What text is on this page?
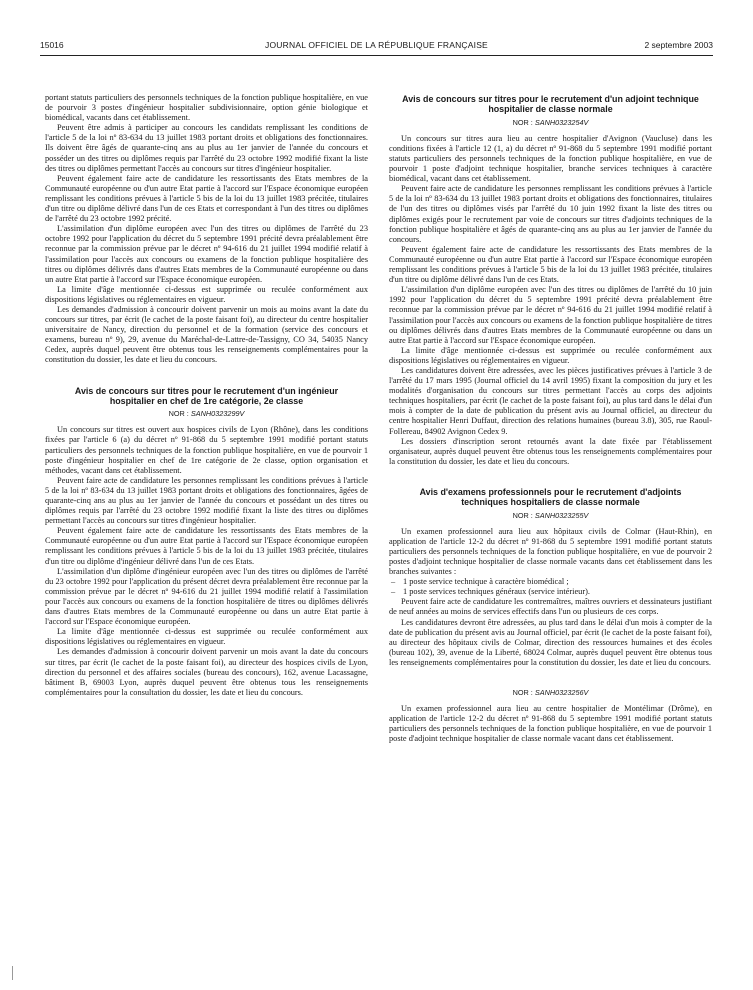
15016	JOURNAL OFFICIEL DE LA RÉPUBLIQUE FRANÇAISE	2 septembre 2003

portant statuts particuliers des personnels techniques de la fonction publique hospitalière, en vue de pourvoir 3 postes d'ingénieur hospitalier subdivisionnaire, option génie biologique et biomédical, vacants dans cet établissement.

Peuvent être admis à participer au concours les candidats remplissant les conditions de l'article 5 de la loi nº 83-634 du 13 juillet 1983 portant droits et obligations des fonctionnaires. Ils doivent être âgés de quarante-cinq ans au plus au 1er janvier de l'année du concours et posséder un des titres ou diplômes requis par l'arrêté du 23 octobre 1992 modifié fixant la liste des titres ou diplômes permettant l'accès au concours sur titres d'ingénieur hospitalier.

Peuvent également faire acte de candidature les ressortissants des Etats membres de la Communauté européenne ou d'un autre Etat partie à l'accord sur l'Espace économique européen remplissant les conditions prévues à l'article 5 bis de la loi du 13 juillet 1983 précitée, titulaires d'un titre ou diplôme délivré dans l'un de ces Etats et correspondant à l'un des titres ou diplômes de l'arrêté du 23 octobre 1992 précité.

L'assimilation d'un diplôme européen avec l'un des titres ou diplômes de l'arrêté du 23 octobre 1992 pour l'application du décret du 5 septembre 1991 précité devra préalablement être reconnue par la commission prévue par le décret nº 94-616 du 21 juillet 1994 modifié relatif à l'assimilation pour l'accès aux concours ou examens de la fonction publique hospitalière des titres ou diplômes délivrés dans d'autres Etats membres de la Communauté européenne ou dans un autre Etat partie à l'accord sur l'Espace économique européen.

La limite d'âge mentionnée ci-dessus est supprimée ou reculée conformément aux dispositions législatives ou réglementaires en vigueur.

Les demandes d'admission à concourir doivent parvenir un mois au moins avant la date du concours sur titres, par écrit (le cachet de la poste faisant foi), au directeur du centre hospitalier universitaire de Nancy, direction du personnel et de la formation (service des concours et examens, bureau nº 9), 29, avenue du Maréchal-de-Lattre-de-Tassigny, CO 34, 54035 Nancy Cedex, auprès duquel peuvent être obtenus tous les renseignements complémentaires pour la constitution du dossier, les date et lieu du concours.

Avis de concours sur titres pour le recrutement d'un ingénieur hospitalier en chef de 1re catégorie, 2e classe
NOR : SANH0323299V

Un concours sur titres est ouvert aux hospices civils de Lyon (Rhône), dans les conditions fixées par l'article 6 (a) du décret nº 91-868 du 5 septembre 1991 modifié portant statuts particuliers des personnels techniques de la fonction publique hospitalière, en vue de pourvoir 1 poste d'ingénieur hospitalier en chef de 1re catégorie de 2e classe, option organisation et méthodes, vacant dans cet établissement.

Peuvent faire acte de candidature les personnes remplissant les conditions prévues à l'article 5 de la loi nº 83-634 du 13 juillet 1983 portant droits et obligations des fonctionnaires, âgées de quarante-cinq ans au plus au 1er janvier de l'année du concours et possédant un des titres ou diplômes requis par l'arrêté du 23 octobre 1992 modifié fixant la liste des titres ou diplômes permettant l'accès au concours sur titres d'ingénieur hospitalier.

Peuvent également faire acte de candidature les ressortissants des Etats membres de la Communauté européenne ou d'un autre Etat partie à l'accord sur l'Espace économique européen remplissant les conditions prévues à l'article 5 bis de la loi du 13 juillet 1983 précitée, titulaires d'un titre ou diplôme d'ingénieur délivré dans l'un de ces Etats.

L'assimilation d'un diplôme d'ingénieur européen avec l'un des titres ou diplômes de l'arrêté du 23 octobre 1992 pour l'application du présent décret devra préalablement être reconnue par la commission prévue par le décret nº 94-616 du 21 juillet 1994 modifié relatif à l'assimilation pour l'accès aux concours ou examens de la fonction hospitalière de titres ou diplômes délivrés dans d'autres Etats membres de la Communauté européenne ou dans un autre Etat partie à l'accord sur l'Espace économique européen.

La limite d'âge mentionnée ci-dessus est supprimée ou reculée conformément aux dispositions législatives ou réglementaires en vigueur.

Les demandes d'admission à concourir doivent parvenir un mois avant la date du concours sur titres, par écrit (le cachet de la poste faisant foi), au directeur des hospices civils de Lyon, direction du personnel et des affaires sociales (bureau des concours), 162, avenue Lacassagne, bâtiment B, 69003 Lyon, auprès duquel peuvent être obtenus tous les renseignements complémentaires pour la consultation du dossier, les date et lieu du concours.

Avis de concours sur titres pour le recrutement d'un adjoint technique hospitalier de classe normale
NOR : SANH0323254V

Un concours sur titres aura lieu au centre hospitalier d'Avignon (Vaucluse) dans les conditions fixées à l'article 12 (1, a) du décret nº 91-868 du 5 septembre 1991 modifié portant statuts particuliers des personnels techniques de la fonction publique hospitalière, en vue de pourvoir 1 poste d'adjoint technique hospitalier, branche services techniques à caractère biomédical, vacant dans cet établissement.

Peuvent faire acte de candidature les personnes remplissant les conditions prévues à l'article 5 de la loi nº 83-634 du 13 juillet 1983 portant droits et obligations des fonctionnaires, titulaires de l'un des titres ou diplômes visés par l'arrêté du 10 juin 1992 fixant la liste des titres ou diplômes exigés pour le recrutement par voie de concours sur titres d'adjoints techniques de la fonction publique hospitalière et âgés de quarante-cinq ans au plus au 1er janvier de l'année du concours.

Peuvent également faire acte de candidature les ressortissants des Etats membres de la Communauté européenne ou d'un autre Etat partie à l'accord sur l'Espace économique européen remplissant les conditions prévues à l'article 5 bis de la loi du 13 juillet 1983 précitée, titulaires d'un titre ou diplôme délivré dans l'un de ces Etats.

L'assimilation d'un diplôme européen avec l'un des titres ou diplômes de l'arrêté du 10 juin 1992 pour l'application du décret du 5 septembre 1991 précité devra préalablement être reconnue par la commission prévue par le décret nº 94-616 du 21 juillet 1994 modifié relatif à l'assimilation pour l'accès aux concours ou examens de la fonction publique hospitalière de titres ou diplômes délivrés dans d'autres Etats membres de la Communauté européenne ou dans un autre Etat partie à l'accord sur l'Espace économique européen.

La limite d'âge mentionnée ci-dessus est supprimée ou reculée conformément aux dispositions législatives ou réglementaires en vigueur.

Les candidatures doivent être adressées, avec les pièces justificatives prévues à l'article 3 de l'arrêté du 17 mars 1995 (Journal officiel du 14 avril 1995) fixant la composition du jury et les modalités d'organisation du concours sur titres permettant l'accès au corps des adjoints techniques hospitaliers, par écrit (le cachet de la poste faisant foi), au plus tard dans le délai d'un mois à compter de la date de publication du présent avis au Journal officiel, au directeur du centre hospitalier Henri Duffaut, direction des relations humaines (bureau 3.8), 305, rue Raoul-Follereau, 84902 Avignon Cedex 9.

Les dossiers d'inscription seront retournés avant la date fixée par l'établissement organisateur, auprès duquel peuvent être obtenus tous les renseignements complémentaires pour la constitution du dossier, les date et lieu du concours.

Avis d'examens professionnels pour le recrutement d'adjoints techniques hospitaliers de classe normale
NOR : SANH0323255V

Un examen professionnel aura lieu aux hôpitaux civils de Colmar (Haut-Rhin), en application de l'article 12-2 du décret nº 91-868 du 5 septembre 1991 modifié portant statuts particuliers des personnels techniques de la fonction publique hospitalière, en vue de pourvoir 2 postes d'adjoint technique hospitalier de classe normale vacants dans cet établissement dans les branches suivantes :

– 1 poste service technique à caractère biomédical ;
– 1 poste services techniques généraux (service intérieur).

Peuvent faire acte de candidature les contremaîtres, maîtres ouvriers et dessinateurs justifiant de neuf années au moins de services effectifs dans l'un ou plusieurs de ces corps.

Les candidatures devront être adressées, au plus tard dans le délai d'un mois à compter de la date de publication du présent avis au Journal officiel, par écrit (le cachet de la poste faisant foi), au directeur des hôpitaux civils de Colmar, direction des ressources humaines et des écoles (bureau 102), 39, avenue de la Liberté, 68024 Colmar, auprès duquel peuvent être obtenus tous les renseignements complémentaires pour la constitution du dossier, les date et lieu du concours.

NOR : SANH0323256V

Un examen professionnel aura lieu au centre hospitalier de Montélimar (Drôme), en application de l'article 12-2 du décret nº 91-868 du 5 septembre 1991 modifié portant statuts particuliers des personnels techniques de la fonction publique hospitalière, en vue de pourvoir 1 poste d'adjoint technique hospitalier de classe normale vacant dans cet établissement.
